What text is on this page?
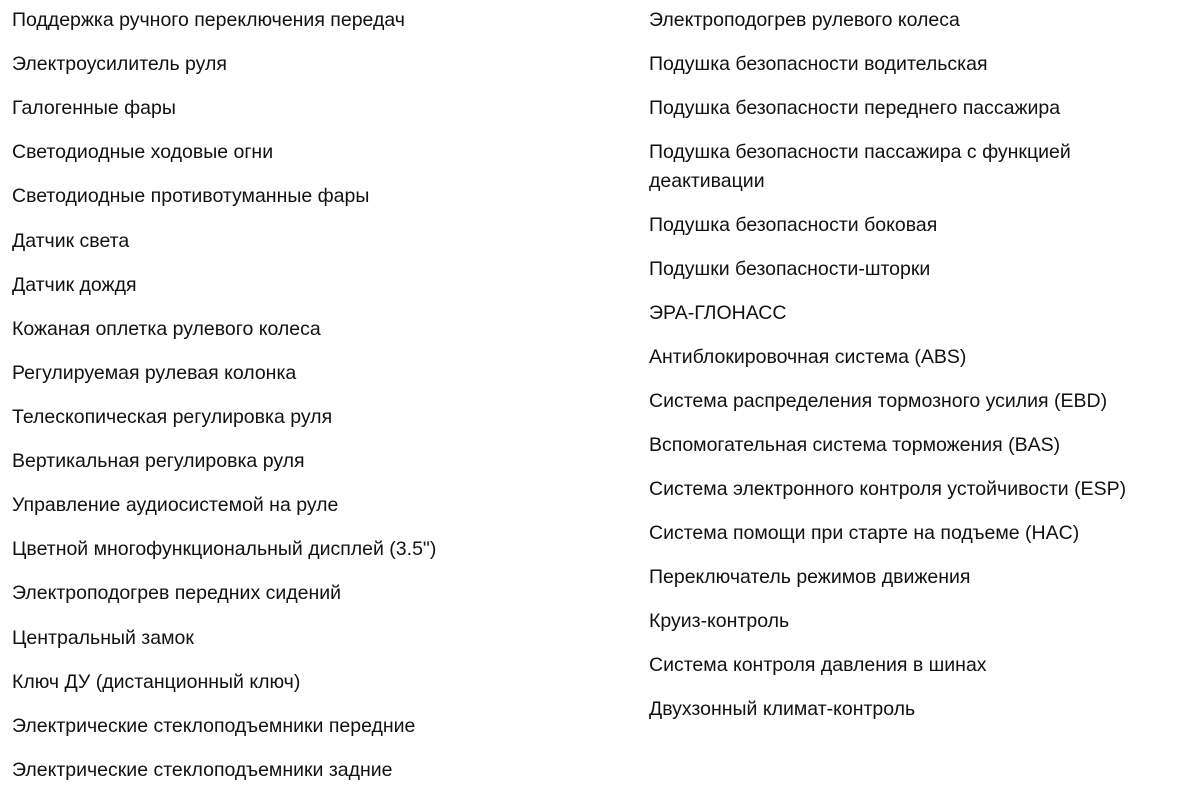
Поддержка ручного переключения передач
Электроусилитель руля
Галогенные фары
Светодиодные ходовые огни
Светодиодные противотуманные фары
Датчик света
Датчик дождя
Кожаная оплетка рулевого колеса
Регулируемая рулевая колонка
Телескопическая регулировка руля
Вертикальная регулировка руля
Управление аудиосистемой на руле
Цветной многофункциональный дисплей (3.5")
Электроподогрев передних сидений
Центральный замок
Ключ ДУ (дистанционный ключ)
Электрические стеклоподъемники передние
Электрические стеклоподъемники задние
Электроподогрев рулевого колеса
Подушка безопасности водительская
Подушка безопасности переднего пассажира
Подушка безопасности пассажира с функцией деактивации
Подушка безопасности боковая
Подушки безопасности-шторки
ЭРА-ГЛОНАСС
Антиблокировочная система (ABS)
Система распределения тормозного усилия (EBD)
Вспомогательная система торможения (BAS)
Система электронного контроля устойчивости (ESP)
Система помощи при старте на подъеме (HAC)
Переключатель режимов движения
Круиз-контроль
Система контроля давления в шинах
Двухзонный климат-контроль
